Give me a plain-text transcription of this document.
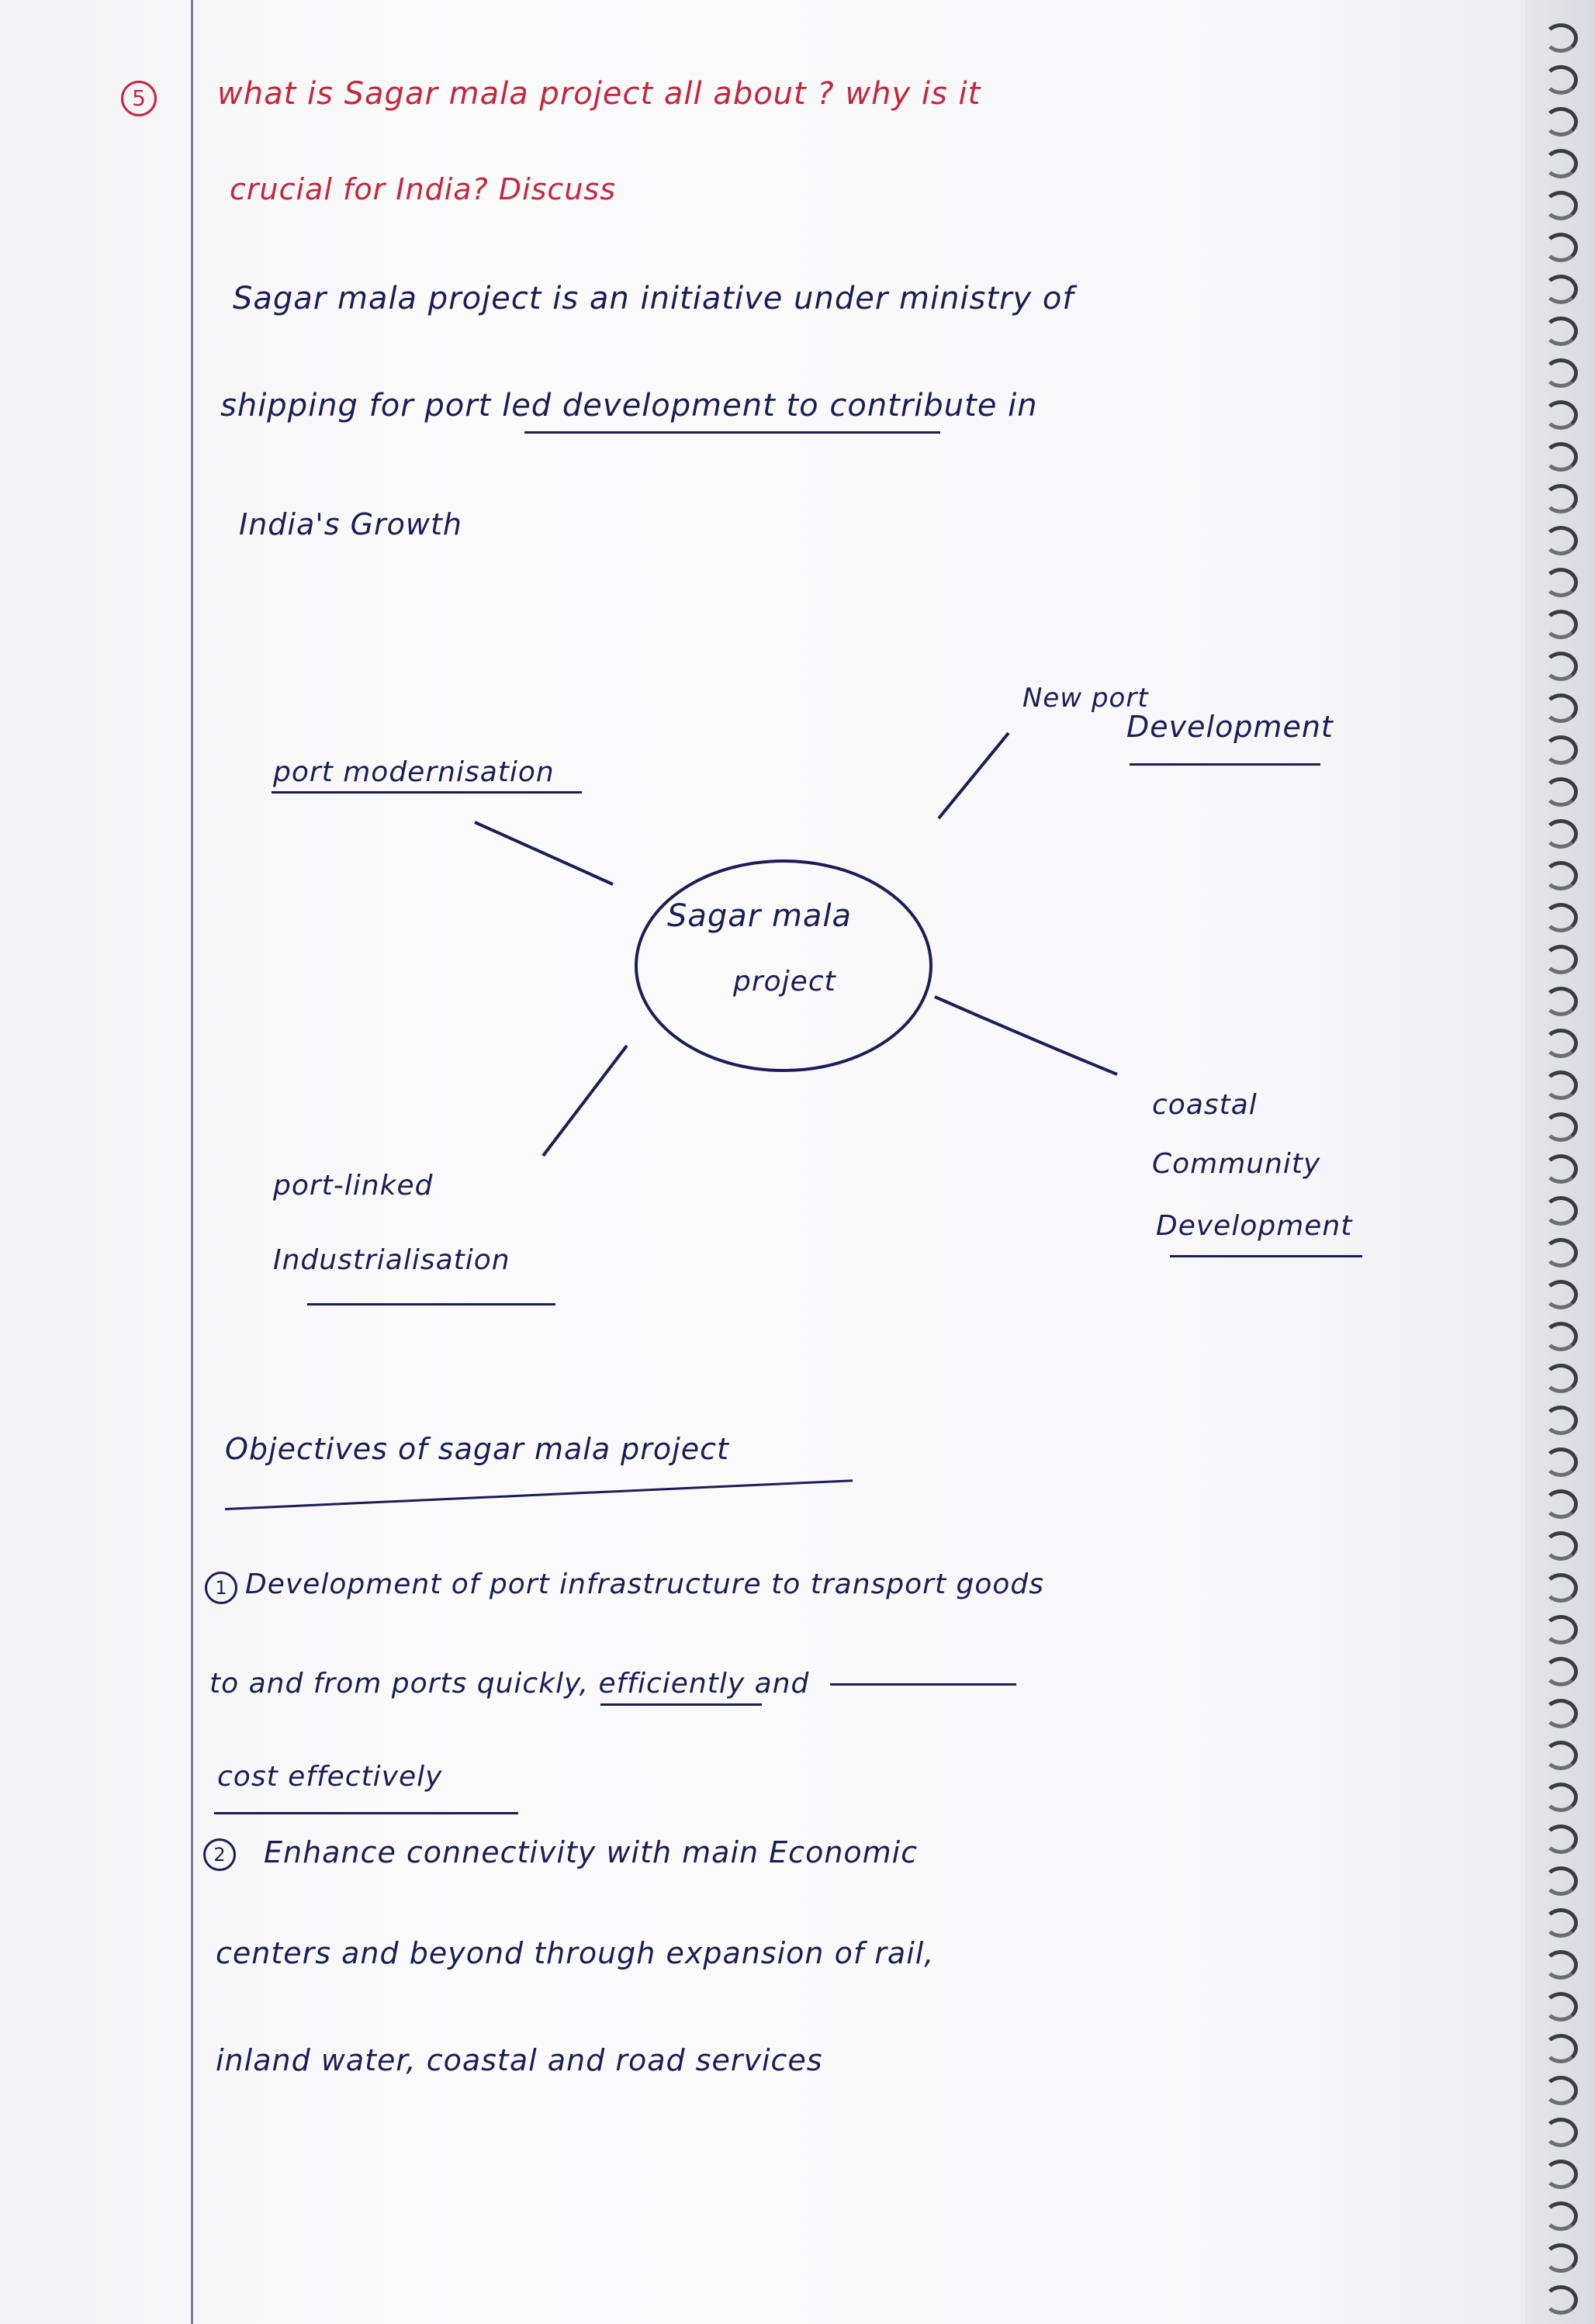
5	what is Sagar mala project all about ? why is it
crucial for India? Discuss
Sagar mala project is an initiative under ministry of
shipping for port led development to contribute in
India's Growth
Sagar mala
project
port modernisation
New port
Development
port-linked
Industrialisation
coastal
Community
Development
Objectives of sagar mala project
1 Development of port infrastructure to transport goods
to and from ports quickly, efficiently and
cost effectively
2	Enhance connectivity with main Economic
centers and beyond through expansion of rail,
inland water, coastal and road services
